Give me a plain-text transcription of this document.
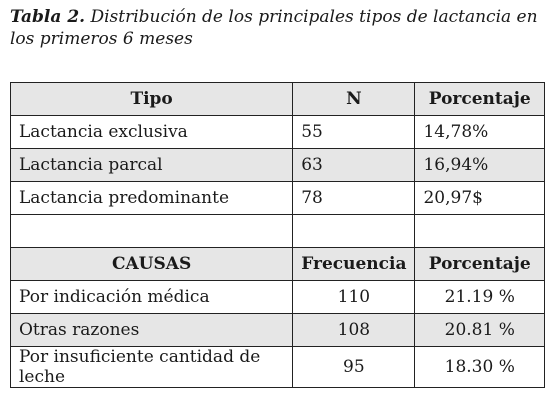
Tabla 2. Distribución de los principales tipos de lactancia en los primeros 6 meses
Tipo	N	Porcentaje
Lactancia exclusiva	55	14,78%
Lactancia parcal	63	16,94%
Lactancia predominante	78	20,97$

CAUSAS	Frecuencia	Porcentaje
Por indicación médica	110	21.19 %
Otras razones	108	20.81 %
Por insuficiente cantidad de leche	95	18.30 %
